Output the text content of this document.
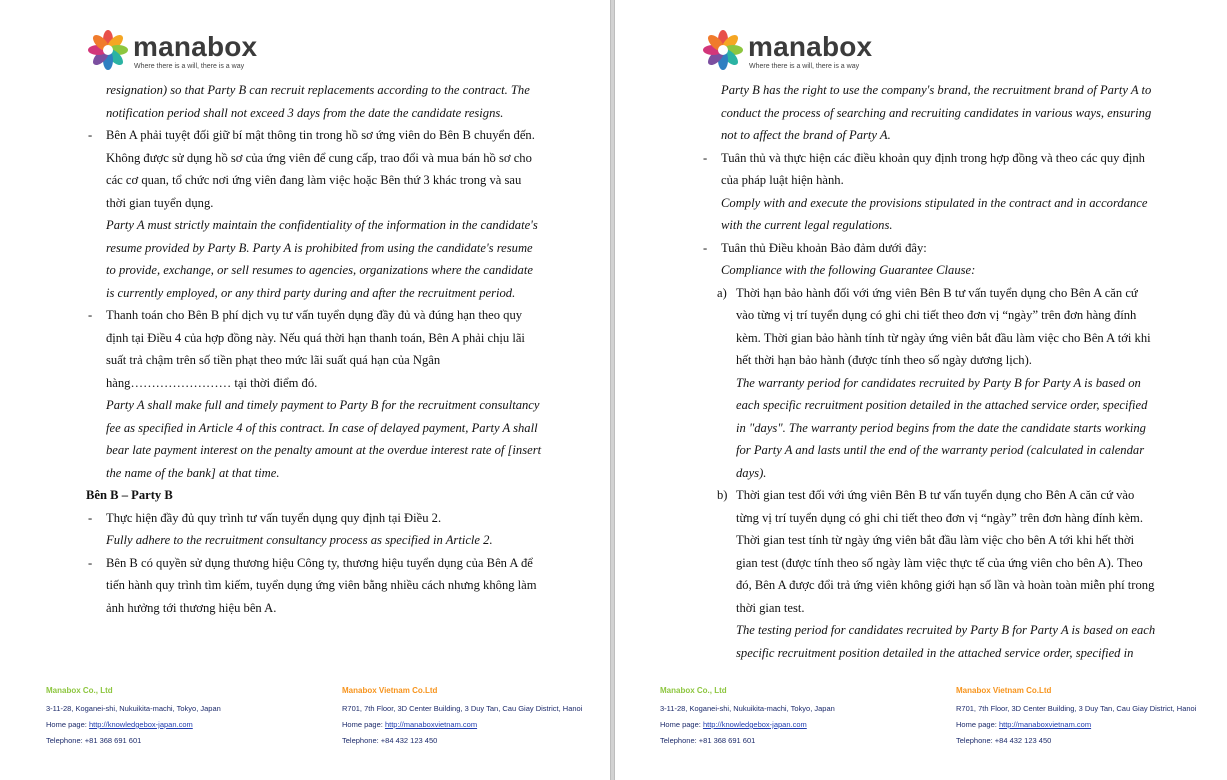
manabox
Where there is a will, there is a way
resignation) so that Party B can recruit replacements according to the contract. The
notification period shall not exceed 3 days from the date the candidate resigns.
- Bên A phải tuyệt đối giữ bí mật thông tin trong hồ sơ ứng viên do Bên B chuyển đến.
Không được sử dụng hồ sơ của ứng viên để cung cấp, trao đổi và mua bán hồ sơ cho
các cơ quan, tổ chức nơi ứng viên đang làm việc hoặc Bên thứ 3 khác trong và sau
thời gian tuyển dụng.
Party A must strictly maintain the confidentiality of the information in the candidate's
resume provided by Party B. Party A is prohibited from using the candidate's resume
to provide, exchange, or sell resumes to agencies, organizations where the candidate
is currently employed, or any third party during and after the recruitment period.
- Thanh toán cho Bên B phí dịch vụ tư vấn tuyển dụng đầy đủ và đúng hạn theo quy
định tại Điều 4 của hợp đồng này. Nếu quá thời hạn thanh toán, Bên A phải chịu lãi
suất trả chậm trên số tiền phạt theo mức lãi suất quá hạn của Ngân
hàng…………………… tại thời điểm đó.
Party A shall make full and timely payment to Party B for the recruitment consultancy
fee as specified in Article 4 of this contract. In case of delayed payment, Party A shall
bear late payment interest on the penalty amount at the overdue interest rate of [insert
the name of the bank] at that time.
Bên B – Party B
- Thực hiện đầy đủ quy trình tư vấn tuyển dụng quy định tại Điều 2.
Fully adhere to the recruitment consultancy process as specified in Article 2.
- Bên B có quyền sử dụng thương hiệu Công ty, thương hiệu tuyển dụng của Bên A để
tiến hành quy trình tìm kiếm, tuyển dụng ứng viên bằng nhiều cách nhưng không làm
ảnh hưởng tới thương hiệu bên A.
Manabox Co., Ltd
3-11-28, Koganei-shi, Nukuikita-machi, Tokyo, Japan
Home page: http://knowledgebox-japan.com
Telephone: +81 368 691 601
Manabox Vietnam Co.Ltd
R701, 7th Floor, 3D Center Building, 3 Duy Tan, Cau Giay District, Hanoi
Home page: http://manaboxvietnam.com
Telephone: +84 432 123 450
manabox
Where there is a will, there is a way
Party B has the right to use the company's brand, the recruitment brand of Party A to
conduct the process of searching and recruiting candidates in various ways, ensuring
not to affect the brand of Party A.
- Tuân thủ và thực hiện các điều khoản quy định trong hợp đồng và theo các quy định
của pháp luật hiện hành.
Comply with and execute the provisions stipulated in the contract and in accordance
with the current legal regulations.
- Tuân thủ Điều khoản Bảo đảm dưới đây:
Compliance with the following Guarantee Clause:
a) Thời hạn bảo hành đối với ứng viên Bên B tư vấn tuyển dụng cho Bên A căn cứ
vào từng vị trí tuyển dụng có ghi chi tiết theo đơn vị “ngày” trên đơn hàng đính
kèm. Thời gian bảo hành tính từ ngày ứng viên bắt đầu làm việc cho Bên A tới khi
hết thời hạn bảo hành (được tính theo số ngày dương lịch).
The warranty period for candidates recruited by Party B for Party A is based on
each specific recruitment position detailed in the attached service order, specified
in "days". The warranty period begins from the date the candidate starts working
for Party A and lasts until the end of the warranty period (calculated in calendar
days).
b) Thời gian test đối với ứng viên Bên B tư vấn tuyển dụng cho Bên A căn cứ vào
từng vị trí tuyển dụng có ghi chi tiết theo đơn vị “ngày” trên đơn hàng đính kèm.
Thời gian test tính từ ngày ứng viên bắt đầu làm việc cho bên A tới khi hết thời
gian test (được tính theo số ngày làm việc thực tế của ứng viên cho bên A). Theo
đó, Bên A được đổi trả ứng viên không giới hạn số lần và hoàn toàn miễn phí trong
thời gian test.
The testing period for candidates recruited by Party B for Party A is based on each
specific recruitment position detailed in the attached service order, specified in
Manabox Co., Ltd
3-11-28, Koganei-shi, Nukuikita-machi, Tokyo, Japan
Home page: http://knowledgebox-japan.com
Telephone: +81 368 691 601
Manabox Vietnam Co.Ltd
R701, 7th Floor, 3D Center Building, 3 Duy Tan, Cau Giay District, Hanoi
Home page: http://manaboxvietnam.com
Telephone: +84 432 123 450
